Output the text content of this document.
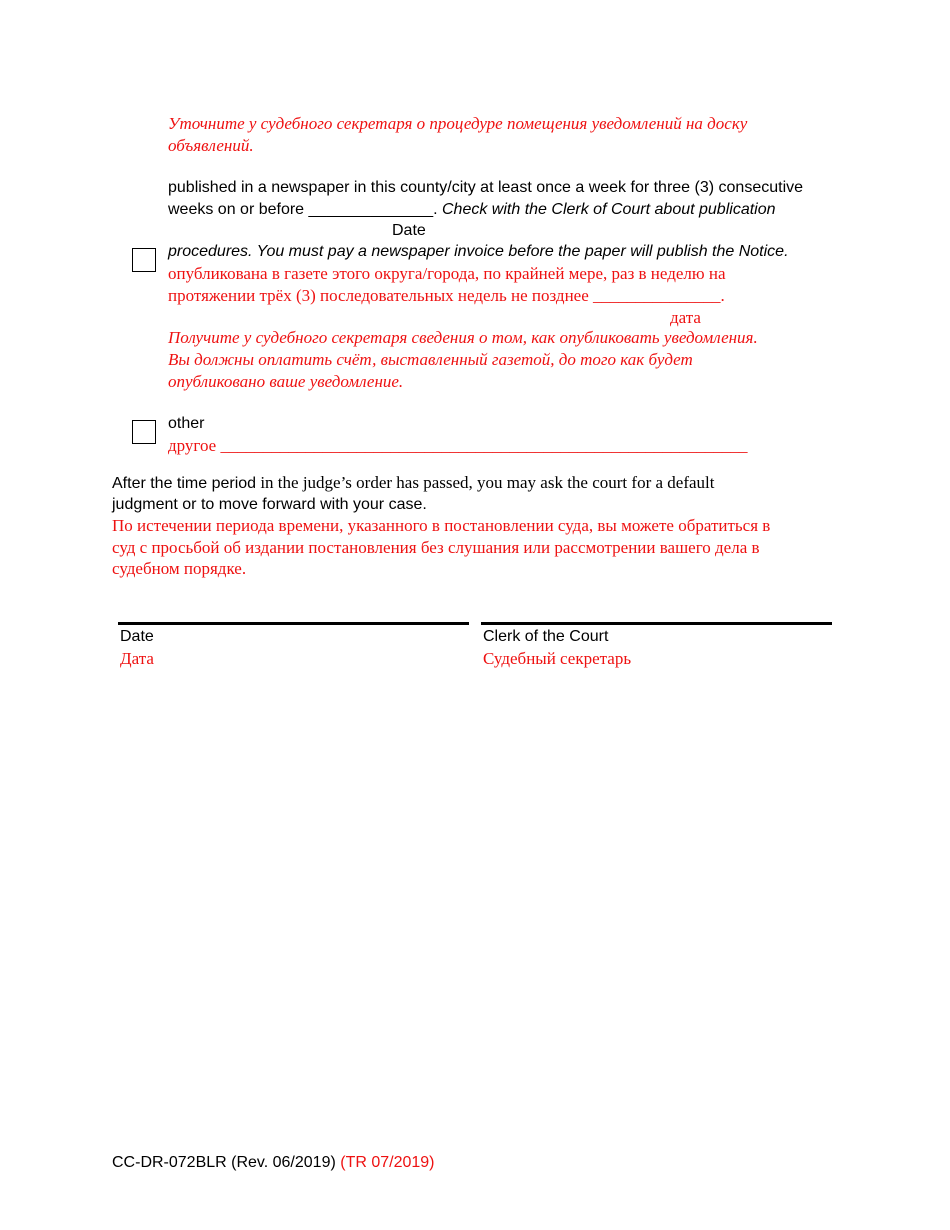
Уточните у судебного секретаря о процедуре помещения уведомлений на доску
объявлений.
published in a newspaper in this county/city at least once a week for three (3) consecutive
weeks on or before ______________. Check with the Clerk of Court about publication
Date
procedures. You must pay a newspaper invoice before the paper will publish the Notice.
опубликована в газете этого округа/города, по крайней мере, раз в неделю на
протяжении трёх (3) последовательных недель не позднее _______________.
дата
Получите у судебного секретаря сведения о том, как опубликовать уведомления.
Вы должны оплатить счёт, выставленный газетой, до того как будет
опубликовано ваше уведомление.
other
другое ______________________________________________________________
After the time period in the judge’s order has passed, you may ask the court for a default
judgment or to move forward with your case.
По истечении периода времени, указанного в постановлении суда, вы можете обратиться в
суд с просьбой об издании постановления без слушания или рассмотрении вашего дела в
судебном порядке.
Date
Дата
Clerk of the Court
Судебный секретарь
CC-DR-072BLR (Rev. 06/2019) (TR 07/2019)
